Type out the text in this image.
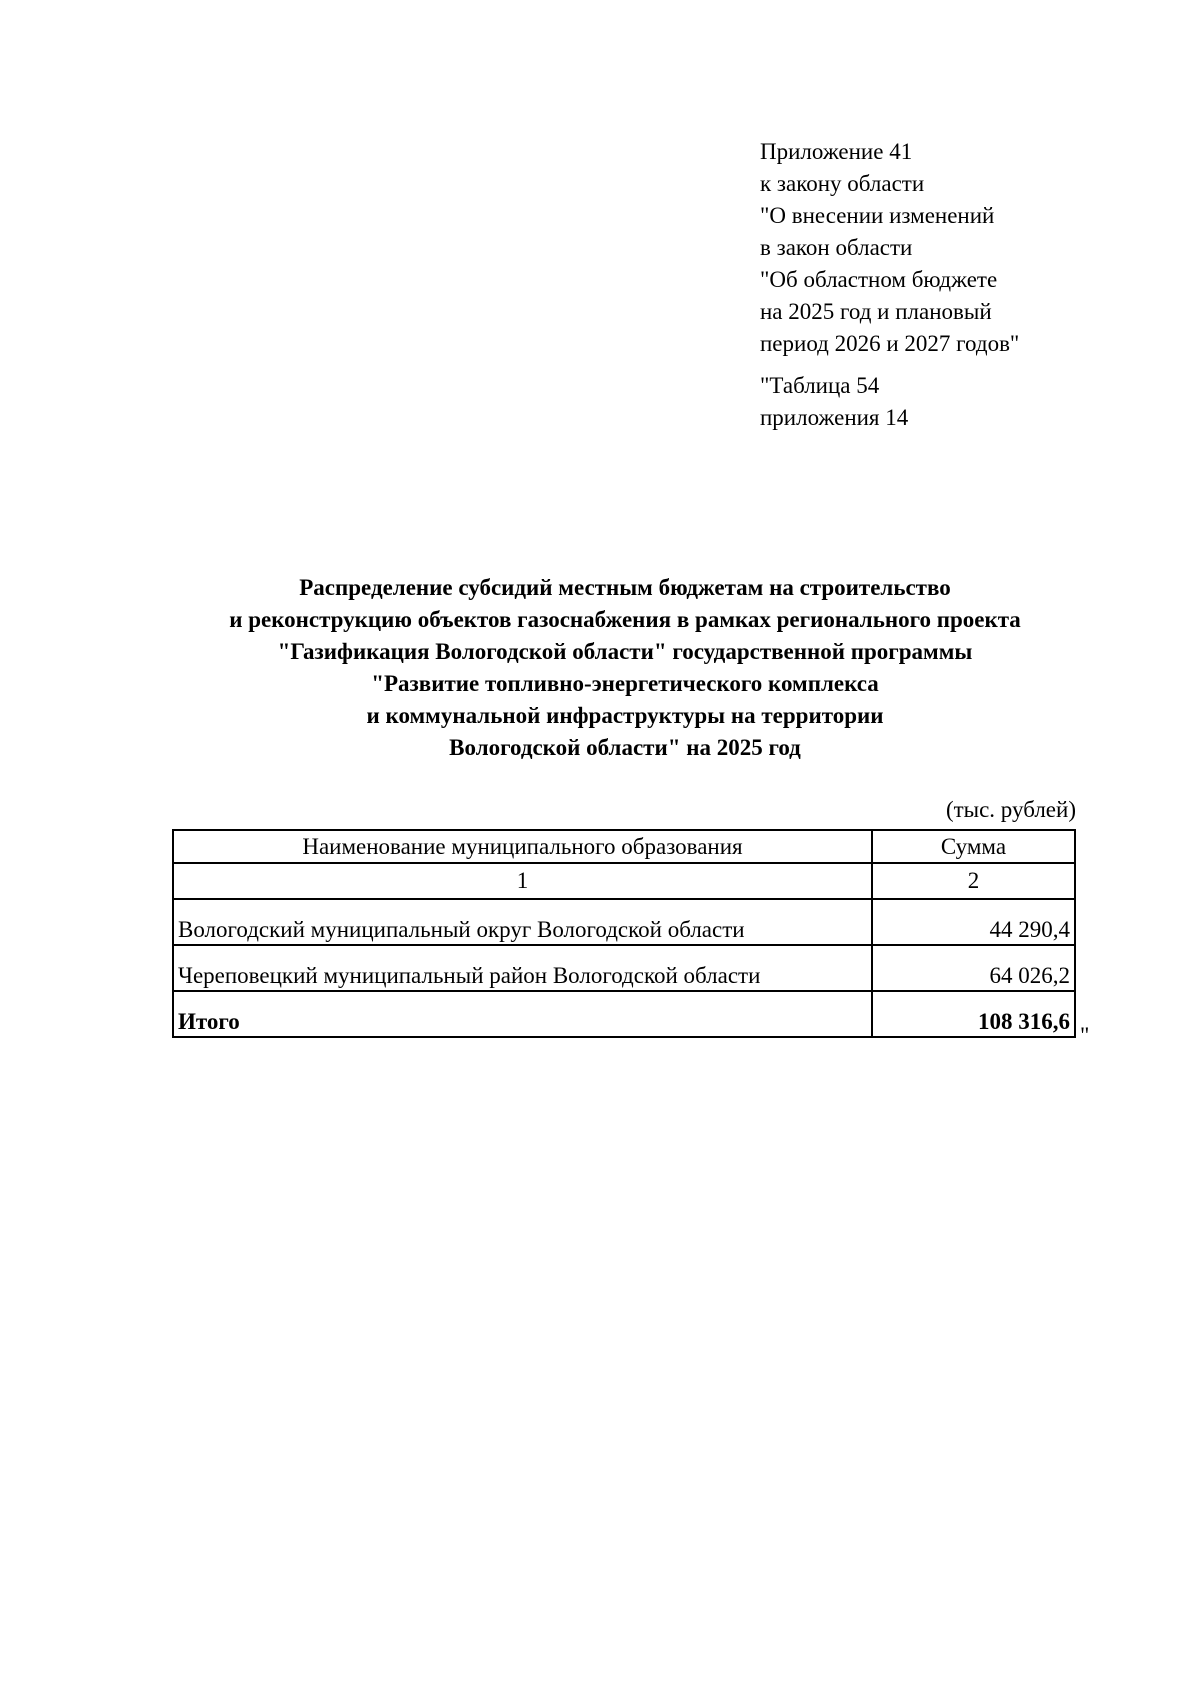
Приложение 41
к закону области
"О внесении изменений
в закон области
"Об областном бюджете
на 2025 год и плановый
период 2026 и 2027 годов"
"Таблица 54
приложения 14
Распределение субсидий местным бюджетам на строительство
и реконструкцию объектов газоснабжения в рамках регионального проекта
"Газификация Вологодской области" государственной программы
"Развитие топливно-энергетического комплекса
и коммунальной инфраструктуры на территории
Вологодской области" на 2025 год
(тыс. рублей)
Наименование муниципального образования	Сумма
1	2
Вологодский муниципальный округ Вологодской области	44 290,4
Череповецкий муниципальный район Вологодской области	64 026,2
Итого	108 316,6
"
